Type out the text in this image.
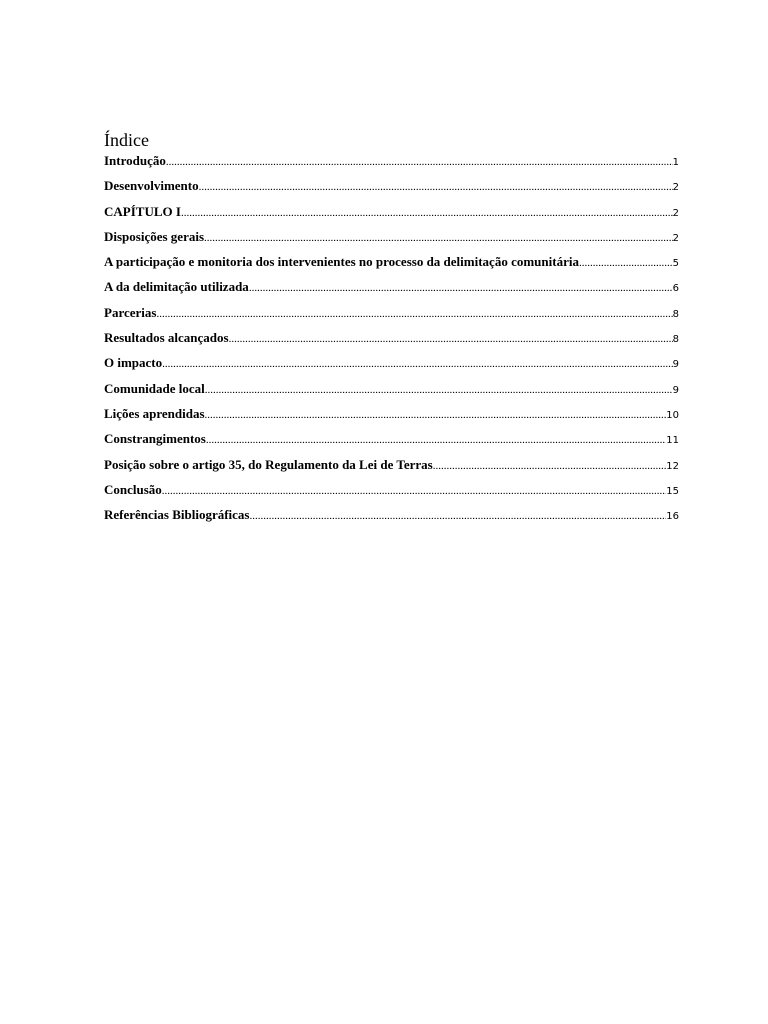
Índice
Introdução .....	1
Desenvolvimento .....	2
CAPÍTULO I .....	2
Disposições gerais .....	2
A participação e monitoria dos intervenientes no processo da delimitação comunitária .....	5
A da delimitação utilizada .....	6
Parcerias .....	8
Resultados alcançados .....	8
O impacto .....	9
Comunidade local .....	9
Lições aprendidas .....	10
Constrangimentos .....	11
Posição sobre o artigo 35, do Regulamento da Lei de Terras .....	12
Conclusão .....	15
Referências Bibliográficas .....	16
